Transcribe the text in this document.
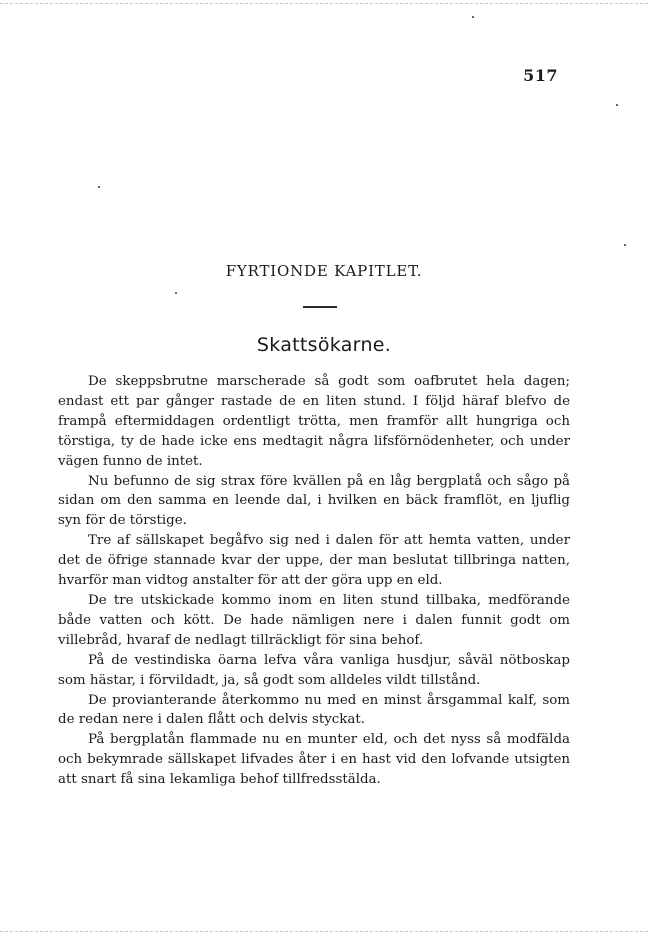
517
FYRTIONDE KAPITLET.
Skattsökarne.

De skeppsbrutne marscherade så godt som oafbrutet hela dagen; endast ett par gånger rastade de en liten stund. I följd häraf blefvo de frampå eftermiddagen ordentligt trötta, men framför allt hungriga och törstiga, ty de hade icke ens medtagit några lifsförnödenheter, och under vägen funno de intet.

Nu befunno de sig strax före kvällen på en låg bergplatå och sågo på sidan om den samma en leende dal, i hvilken en bäck framflöt, en ljuflig syn för de törstige.

Tre af sällskapet begåfvo sig ned i dalen för att hemta vatten, under det de öfrige stannade kvar der uppe, der man beslutat tillbringa natten, hvarför man vidtog anstalter för att der göra upp en eld.

De tre utskickade kommo inom en liten stund tillbaka, medförande både vatten och kött. De hade nämligen nere i dalen funnit godt om villebråd, hvaraf de nedlagt tillräckligt för sina behof.

På de vestindiska öarna lefva våra vanliga husdjur, såväl nötboskap som hästar, i förvildadt, ja, så godt som alldeles vildt tillstånd.

De provianterande återkommo nu med en minst årsgammal kalf, som de redan nere i dalen flått och delvis styckat.

På bergplatån flammade nu en munter eld, och det nyss så modfälda och bekymrade sällskapet lifvades åter i en hast vid den lofvande utsigten att snart få sina lekamliga behof tillfredsstälda.
